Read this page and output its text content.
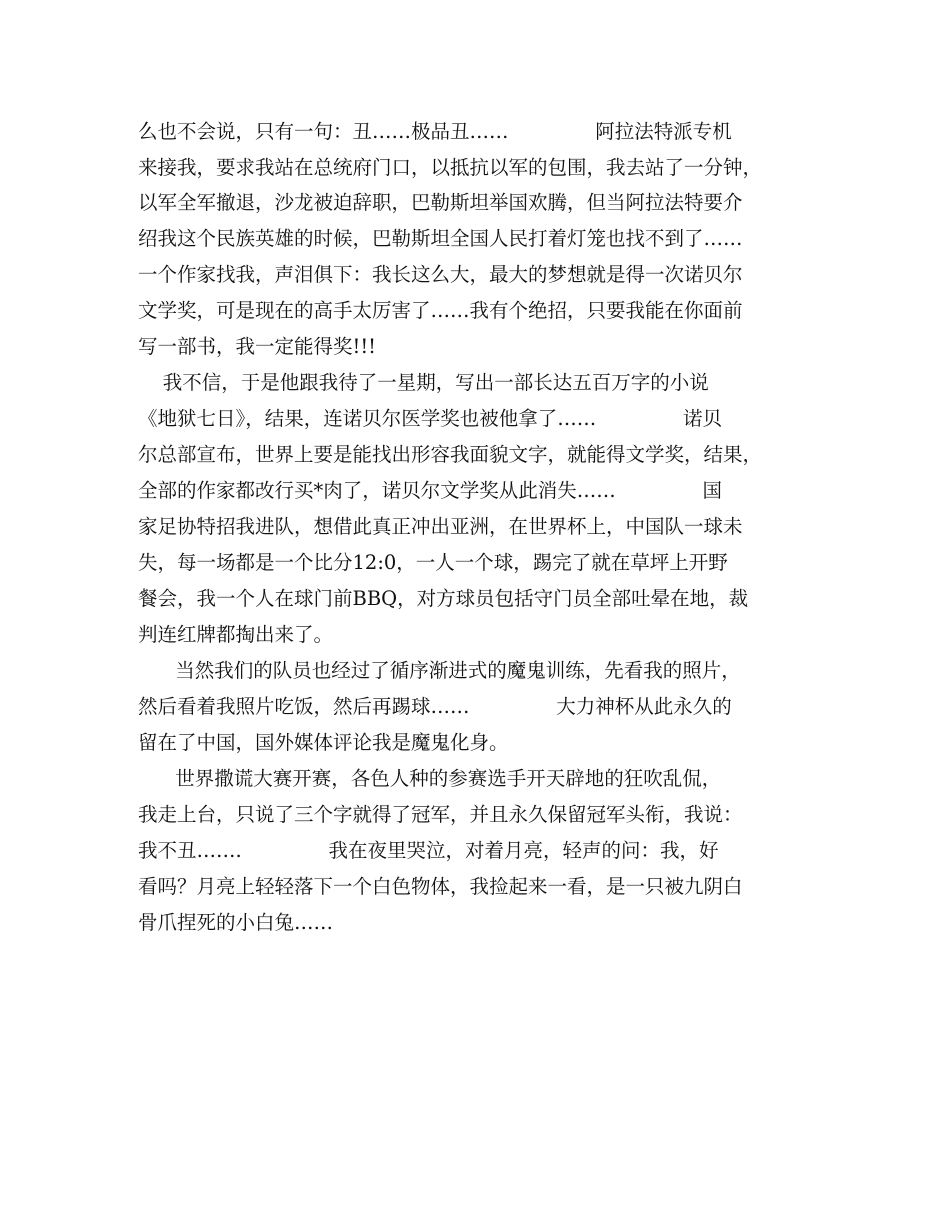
么也不会说，只有一句：丑……极品丑……              阿拉法特派专机
来接我，要求我站在总统府门口，以抵抗以军的包围，我去站了一分钟，
以军全军撤退，沙龙被迫辞职，巴勒斯坦举国欢腾，但当阿拉法特要介
绍我这个民族英雄的时候，巴勒斯坦全国人民打着灯笼也找不到了……
一个作家找我，声泪俱下：我长这么大，最大的梦想就是得一次诺贝尔
文学奖，可是现在的高手太厉害了……我有个绝招，只要我能在你面前
写一部书，我一定能得奖!!!
我不信，于是他跟我待了一星期，写出一部长达五百万字的小说
《地狱七日》，结果，连诺贝尔医学奖也被他拿了……              诺贝
尔总部宣布，世界上要是能找出形容我面貌文字，就能得文学奖，结果，
全部的作家都改行买*肉了，诺贝尔文学奖从此消失……              国
家足协特招我进队，想借此真正冲出亚洲，在世界杯上，中国队一球未
失，每一场都是一个比分12:0，一人一个球，踢完了就在草坪上开野
餐会，我一个人在球门前BBQ，对方球员包括守门员全部吐晕在地，裁
判连红牌都掏出来了。
当然我们的队员也经过了循序渐进式的魔鬼训练，先看我的照片，
然后看着我照片吃饭，然后再踢球……              大力神杯从此永久的
留在了中国，国外媒体评论我是魔鬼化身。
世界撒谎大赛开赛，各色人种的参赛选手开天辟地的狂吹乱侃，
我走上台，只说了三个字就得了冠军，并且永久保留冠军头衔，我说：
我不丑…….              我在夜里哭泣，对着月亮，轻声的问：我，好
看吗？月亮上轻轻落下一个白色物体，我捡起来一看，是一只被九阴白
骨爪捏死的小白兔……
